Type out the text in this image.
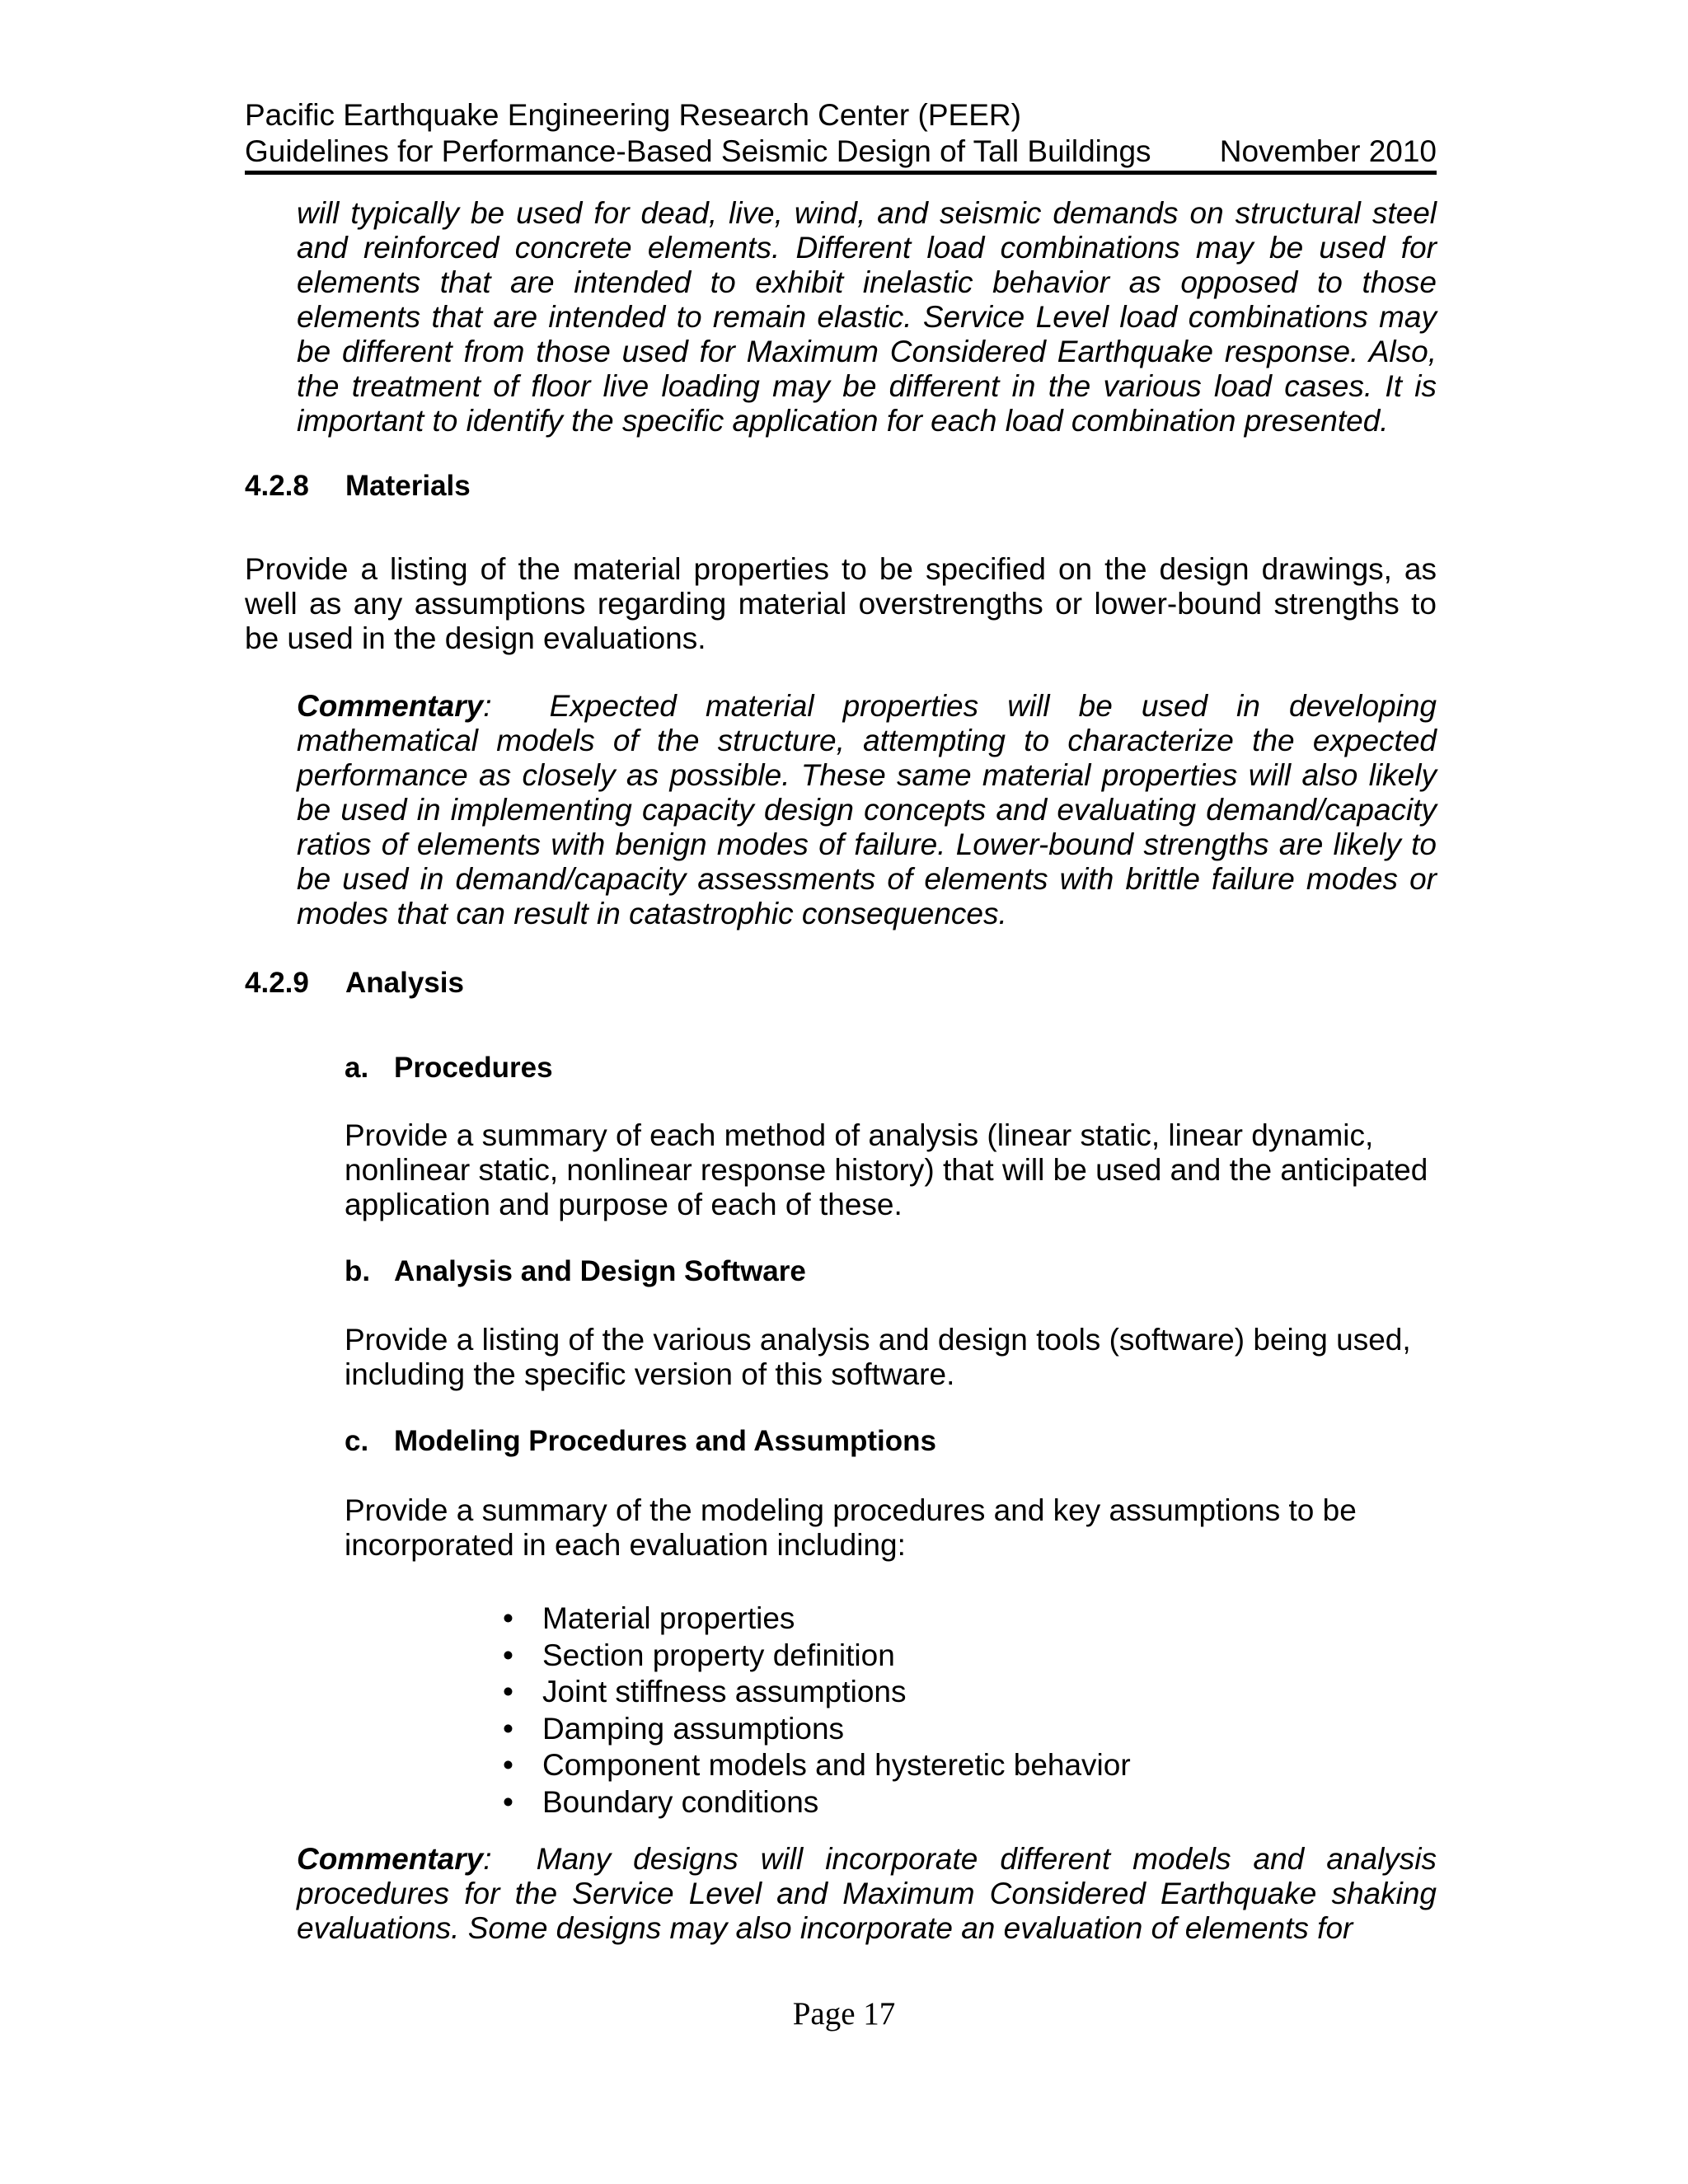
Pacific Earthquake Engineering Research Center (PEER)
Guidelines for Performance-Based Seismic Design of Tall Buildings November 2010
will typically be used for dead, live, wind, and seismic demands on structural steel and reinforced concrete elements. Different load combinations may be used for elements that are intended to exhibit inelastic behavior as opposed to those elements that are intended to remain elastic. Service Level load combinations may be different from those used for Maximum Considered Earthquake response. Also, the treatment of floor live loading may be different in the various load cases. It is important to identify the specific application for each load combination presented.
4.2.8 Materials
Provide a listing of the material properties to be specified on the design drawings, as well as any assumptions regarding material overstrengths or lower-bound strengths to be used in the design evaluations.
Commentary: Expected material properties will be used in developing mathematical models of the structure, attempting to characterize the expected performance as closely as possible. These same material properties will also likely be used in implementing capacity design concepts and evaluating demand/capacity ratios of elements with benign modes of failure. Lower-bound strengths are likely to be used in demand/capacity assessments of elements with brittle failure modes or modes that can result in catastrophic consequences.
4.2.9 Analysis
a. Procedures
Provide a summary of each method of analysis (linear static, linear dynamic, nonlinear static, nonlinear response history) that will be used and the anticipated application and purpose of each of these.
b. Analysis and Design Software
Provide a listing of the various analysis and design tools (software) being used, including the specific version of this software.
c. Modeling Procedures and Assumptions
Provide a summary of the modeling procedures and key assumptions to be incorporated in each evaluation including:
• Material properties
• Section property definition
• Joint stiffness assumptions
• Damping assumptions
• Component models and hysteretic behavior
• Boundary conditions
Commentary: Many designs will incorporate different models and analysis procedures for the Service Level and Maximum Considered Earthquake shaking evaluations. Some designs may also incorporate an evaluation of elements for
Page 17
